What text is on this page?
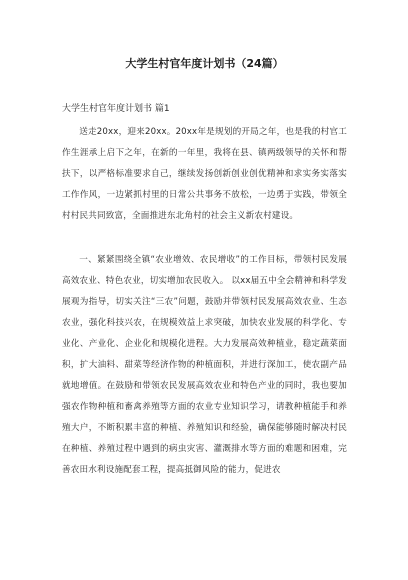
大学生村官年度计划书（24篇）

大学生村官年度计划书 篇1

送走20xx，迎来20xx。20xx年是规划的开局之年，也是我的村官工作生涯承上启下之年，在新的一年里，我将在县、镇两级领导的关怀和帮扶下，以严格标准要求自己，继续发扬创新创业创优精神和求实务实落实工作作风，一边紧抓村里的日常公共事务不放松，一边勇于实践，带领全村村民共同致富，全面推进东北角村的社会主义新农村建设。

一、紧紧围绕全镇“农业增效、农民增收”的工作目标，带领村民发展高效农业、特色农业，切实增加农民收入。 以xx届五中全会精神和科学发展观为指导，切实关注“三农”问题，鼓励并带领村民发展高效农业、生态农业，强化科技兴农，在规模效益上求突破，加快农业发展的科学化、专业化、产业化、企业化和规模化进程。大力发展高效种植业，稳定蔬菜面积，扩大油料、甜菜等经济作物的种植面积，并进行深加工，使农副产品就地增值。在鼓励和带领农民发展高效农业和特色产业的同时，我也要加强农作物种植和畜禽养殖等方面的农业专业知识学习，请教种植能手和养殖大户，不断积累丰富的种植、养殖知识和经验，确保能够随时解决村民在种植、养殖过程中遇到的病虫灾害、灌溉排水等方面的难题和困难，完善农田水利设施配套工程，提高抵御风险的能力，促进农
